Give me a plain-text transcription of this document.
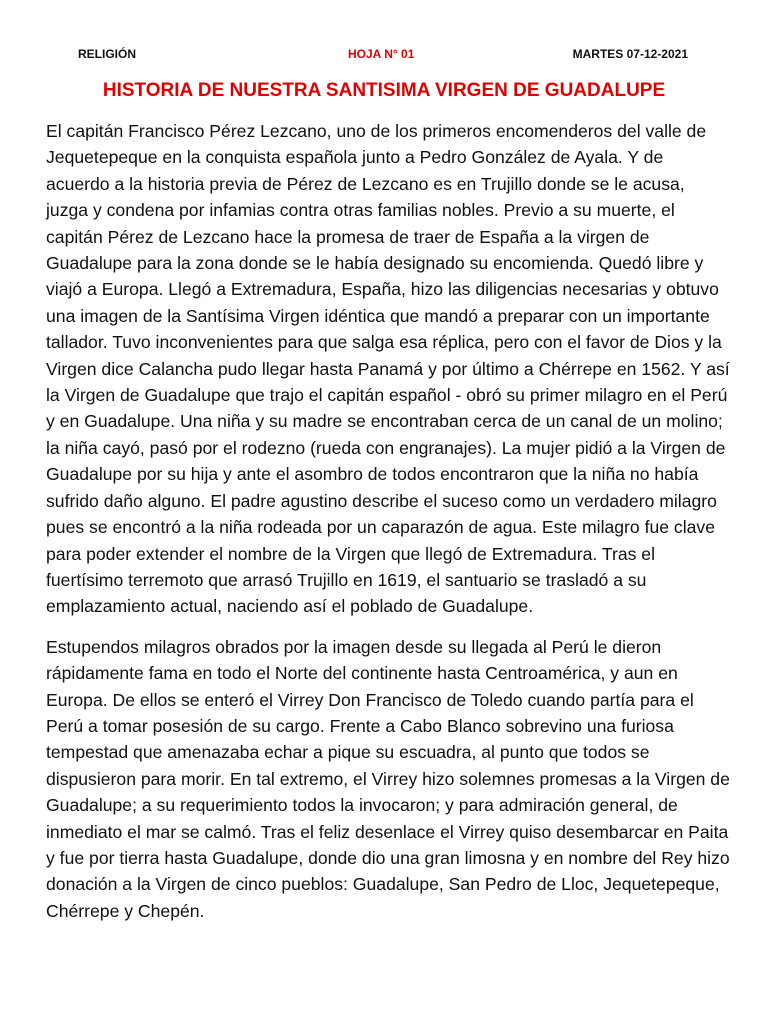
RELIGIÓN	HOJA N° 01	MARTES 07-12-2021
HISTORIA DE NUESTRA SANTISIMA VIRGEN DE GUADALUPE

El capitán Francisco Pérez Lezcano, uno de los primeros encomenderos del valle de Jequetepeque en la conquista española junto a Pedro González de Ayala. Y de acuerdo a la historia previa de Pérez de Lezcano es en Trujillo donde se le acusa, juzga y condena por infamias contra otras familias nobles. Previo a su muerte, el capitán Pérez de Lezcano hace la promesa de traer de España a la virgen de Guadalupe para la zona donde se le había designado su encomienda. Quedó libre y viajó a Europa. Llegó a Extremadura, España, hizo las diligencias necesarias y obtuvo una imagen de la Santísima Virgen idéntica que mandó a preparar con un importante tallador. Tuvo inconvenientes para que salga esa réplica, pero con el favor de Dios y la Virgen dice Calancha pudo llegar hasta Panamá y por último a Chérrepe en 1562. Y así la Virgen de Guadalupe que trajo el capitán español - obró su primer milagro en el Perú y en Guadalupe. Una niña y su madre se encontraban cerca de un canal de un molino; la niña cayó, pasó por el rodezno (rueda con engranajes). La mujer pidió a la Virgen de Guadalupe por su hija y ante el asombro de todos encontraron que la niña no había sufrido daño alguno. El padre agustino describe el suceso como un verdadero milagro pues se encontró a la niña rodeada por un caparazón de agua. Este milagro fue clave para poder extender el nombre de la Virgen que llegó de Extremadura. Tras el fuertísimo terremoto que arrasó Trujillo en 1619, el santuario se trasladó a su emplazamiento actual, naciendo así el poblado de Guadalupe.

Estupendos milagros obrados por la imagen desde su llegada al Perú le dieron rápidamente fama en todo el Norte del continente hasta Centroamérica, y aun en Europa. De ellos se enteró el Virrey Don Francisco de Toledo cuando partía para el Perú a tomar posesión de su cargo. Frente a Cabo Blanco sobrevino una furiosa tempestad que amenazaba echar a pique su escuadra, al punto que todos se dispusieron para morir. En tal extremo, el Virrey hizo solemnes promesas a la Virgen de Guadalupe; a su requerimiento todos la invocaron; y para admiración general, de inmediato el mar se calmó. Tras el feliz desenlace el Virrey quiso desembarcar en Paita y fue por tierra hasta Guadalupe, donde dio una gran limosna y en nombre del Rey hizo donación a la Virgen de cinco pueblos: Guadalupe, San Pedro de Lloc, Jequetepeque, Chérrepe y Chepén.
